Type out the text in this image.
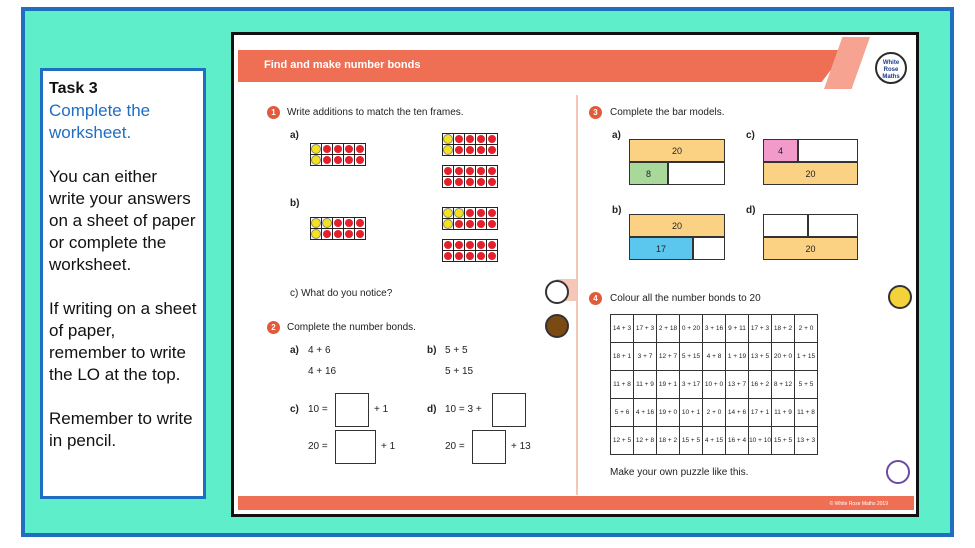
Task 3

Complete the worksheet.

You can either write your answers on a sheet of paper or complete the worksheet.

If writing on a sheet of paper, remember to write the LO at the top.

Remember to write in pencil.

Find and make number bonds	White
Rose
Maths
1	Write additions to match the ten frames.
a)
b)
c) What do you notice?
2	Complete the number bonds.
a) 4 + 6
4 + 16
b) 5 + 5
5 + 15
c) 10 =	+ 1
20 =	+ 1
d) 10 = 3 +
20 =	+ 13
3	Complete the bar models.
a)
20
8
c)
4
20
b)
20
17
d)
20
4	Colour all the number bonds to 20
14 + 3	17 + 3	2 + 18	0 + 20	3 + 16	9 + 11	17 + 3	18 + 2	2 + 0
18 + 1	3 + 7	12 + 7	5 + 15	4 + 8	1 + 19	13 + 5	20 + 0	1 + 15
11 + 8	11 + 9	19 + 1	3 + 17	10 + 0	13 + 7	16 + 2	8 + 12	5 + 5
5 + 6	4 + 16	19 + 0	10 + 1	2 + 0	14 + 6	17 + 1	11 + 9	11 + 8
12 + 5	12 + 8	18 + 2	15 + 5	4 + 15	16 + 4	10 + 10	15 + 5	13 + 3
Make your own puzzle like this.
© White Rose Maths 2019
